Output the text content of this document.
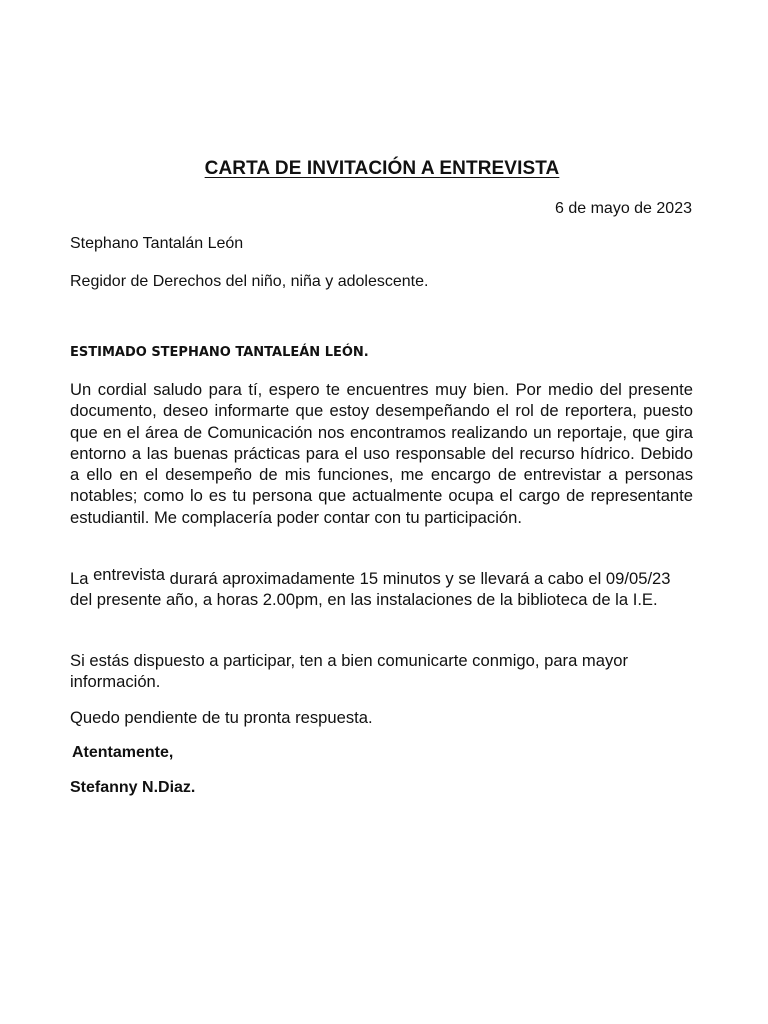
CARTA DE INVITACIÓN A ENTREVISTA
6 de mayo de 2023
Stephano Tantalán León
Regidor de Derechos del niño, niña y adolescente.
ESTIMADO STEPHANO TANTALEÁN LEÓN.
Un cordial saludo para tí, espero te encuentres muy bien. Por medio del presente documento, deseo informarte que estoy desempeñando el rol de reportera, puesto que en el área de Comunicación nos encontramos realizando un reportaje, que gira entorno a las buenas prácticas para el uso responsable del recurso hídrico. Debido a ello en el desempeño de mis funciones, me encargo de entrevistar a personas notables; como lo es tu persona que actualmente ocupa el cargo de representante estudiantil. Me complacería poder contar con tu participación.
La entrevista durará aproximadamente 15 minutos y se llevará a cabo el 09/05/23 del presente año, a horas 2.00pm, en las instalaciones de la biblioteca de la I.E.
Si estás dispuesto a participar, ten a bien comunicarte conmigo, para mayor información.
Quedo pendiente de tu pronta respuesta.
Atentamente,
Stefanny N.Diaz.
